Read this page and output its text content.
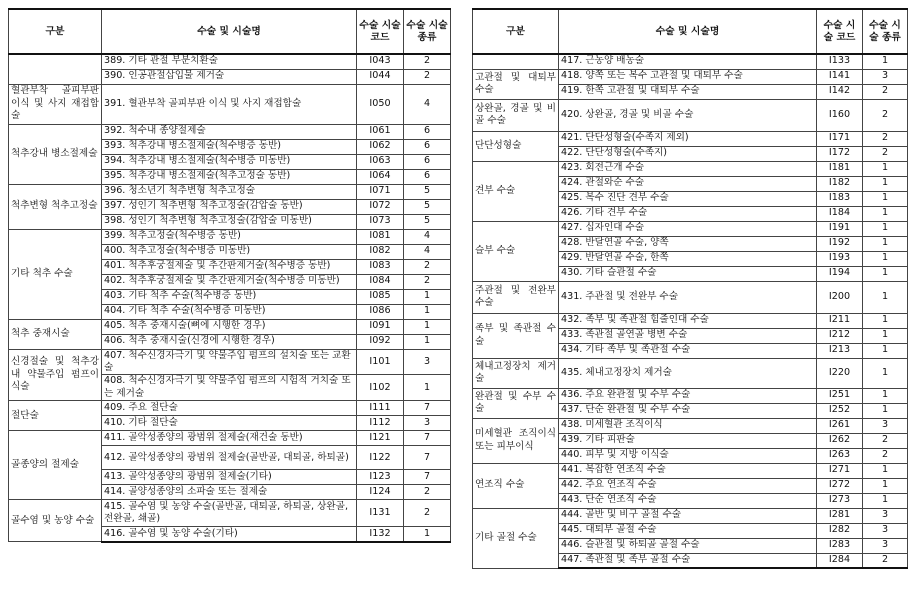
구분	수술 및 시술명	수술 시술 코드	수술 시술 종류
	389. 기타 관절 부분치환술	I043	2
	390. 인공관절삽입물 제거술	I044	2
혈관부착 골피부판 이식 및 사지 재접합술	391. 혈관부착 골피부판 이식 및 사지 재접합술	I050	4
척추강내 병소절제술	392. 척수내 종양절제술	I061	6
	393. 척추강내 병소절제술(척수병증 동반)	I062	6
	394. 척추강내 병소절제술(척수병증 미동반)	I063	6
	395. 척추강내 병소절제술(척추고정술 동반)	I064	6
척추변형 척추고정술	396. 청소년기 척추변형 척추고정술	I071	5
	397. 성인기 척추변형 척추고정술(감압술 동반)	I072	5
	398. 성인기 척추변형 척추고정술(감압술 미동반)	I073	5
기타 척추 수술	399. 척추고정술(척수병증 동반)	I081	4
	400. 척추고정술(척수병증 미동반)	I082	4
	401. 척추후궁절제술 및 추간판제거술(척수병증 동반)	I083	2
	402. 척추후궁절제술 및 추간판제거술(척수병증 미동반)	I084	2
	403. 기타 척추 수술(척수병증 동반)	I085	1
	404. 기타 척추 수술(척수병증 미동반)	I086	1
척추 중재시술	405. 척추 중재시술(뼈에 시행한 경우)	I091	1
	406. 척추 중재시술(신경에 시행한 경우)	I092	1
신경절술 및 척추강내 약물주입 펌프이식술	407. 척수신경자극기 및 약물주입 펌프의 설치술 또는 교환술	I101	3
	408. 척수신경자극기 및 약물주입 펌프의 시험적 거치술 또는 제거술	I102	1
절단술	409. 주요 절단술	I111	7
	410. 기타 절단술	I112	3
골종양의 절제술	411. 골악성종양의 광범위 절제술(재건술 동반)	I121	7
	412. 골악성종양의 광범위 절제술(골반골, 대퇴골, 하퇴골)	I122	7
	413. 골악성종양의 광범위 절제술(기타)	I123	7
	414. 골양성종양의 소파술 또는 절제술	I124	2
골수염 및 농양 수술	415. 골수염 및 농양 수술(골반골, 대퇴골, 하퇴골, 상완골, 전완골, 쇄골)	I131	2
	416. 골수염 및 농양 수술(기타)	I132	1
구분	수술 및 시술명	수술 시술 코드	수술 시술 종류
	417. 근농양 배농술	I133	1
고관절 및 대퇴부 수술	418. 양쪽 또는 복수 고관절 및 대퇴부 수술	I141	3
	419. 한쪽 고관절 및 대퇴부 수술	I142	2
상완골, 경골 및 비골 수술	420. 상완골, 경골 및 비골 수술	I160	2
단단성형술	421. 단단성형술(수족지 제외)	I171	2
	422. 단단성형술(수족지)	I172	2
견부 수술	423. 회전근개 수술	I181	1
	424. 관절와순 수술	I182	1
	425. 복수 진단 견부 수술	I183	1
	426. 기타 견부 수술	I184	1
슬부 수술	427. 십자인대 수술	I191	1
	428. 반달연골 수술, 양쪽	I192	1
	429. 반달연골 수술, 한쪽	I193	1
	430. 기타 슬관절 수술	I194	1
주관절 및 전완부 수술	431. 주관절 및 전완부 수술	I200	1
족부 및 족관절 수술	432. 족부 및 족관절 힘줄인대 수술	I211	1
	433. 족관절 골연골 병변 수술	I212	1
	434. 기타 족부 및 족관절 수술	I213	1
체내고정장치 제거술	435. 체내고정장치 제거술	I220	1
완관절 및 수부 수술	436. 주요 완관절 및 수부 수술	I251	1
	437. 단순 완관절 및 수부 수술	I252	1
미세혈관 조직이식 또는 피부이식	438. 미세혈관 조직이식	I261	3
	439. 기타 피판술	I262	2
	440. 피부 및 지방 이식술	I263	2
연조직 수술	441. 복잡한 연조직 수술	I271	1
	442. 주요 연조직 수술	I272	1
	443. 단순 연조직 수술	I273	1
기타 골절 수술	444. 골반 및 비구 골절 수술	I281	3
	445. 대퇴부 골절 수술	I282	3
	446. 슬관절 및 하퇴골 골절 수술	I283	3
	447. 족관절 및 족부 골절 수술	I284	2
